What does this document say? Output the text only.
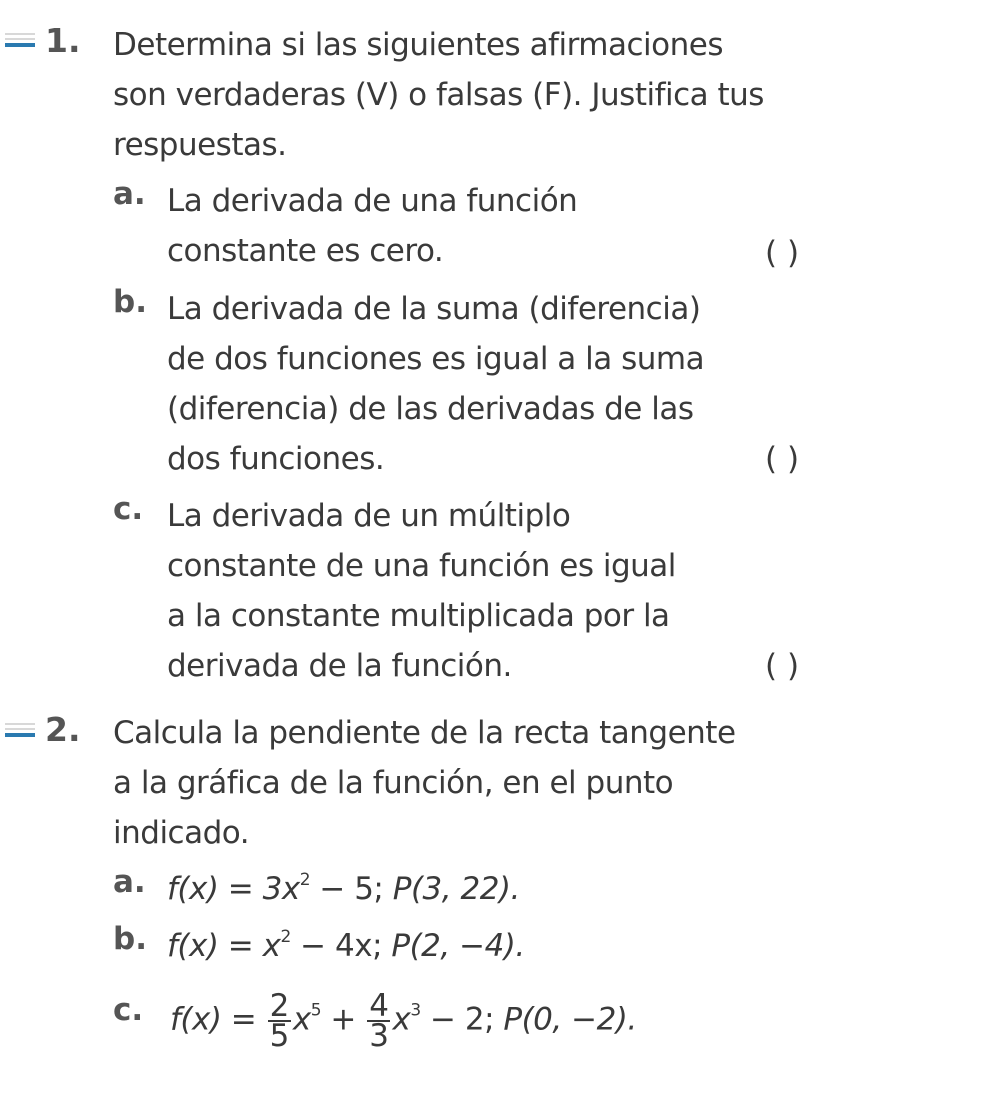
1. Determina si las siguientes afirmaciones
son verdaderas (V) o falsas (F). Justifica tus
respuestas.
a. La derivada de una función
constante es cero.	( )
b. La derivada de la suma (diferencia)
de dos funciones es igual a la suma
(diferencia) de las derivadas de las
dos funciones.	( )
c. La derivada de un múltiplo
constante de una función es igual
a la constante multiplicada por la
derivada de la función.	( )
2. Calcula la pendiente de la recta tangente
a la gráfica de la función, en el punto
indicado.
a. $f(x) = 3x^2 - 5$; P(3, 22).
b. $f(x) = x^2 - 4x$; P(2, −4).
c. $f(x) = \frac{2}{5} x^5 + \frac{4}{3} x^3 - 2$; P(0, −2).
